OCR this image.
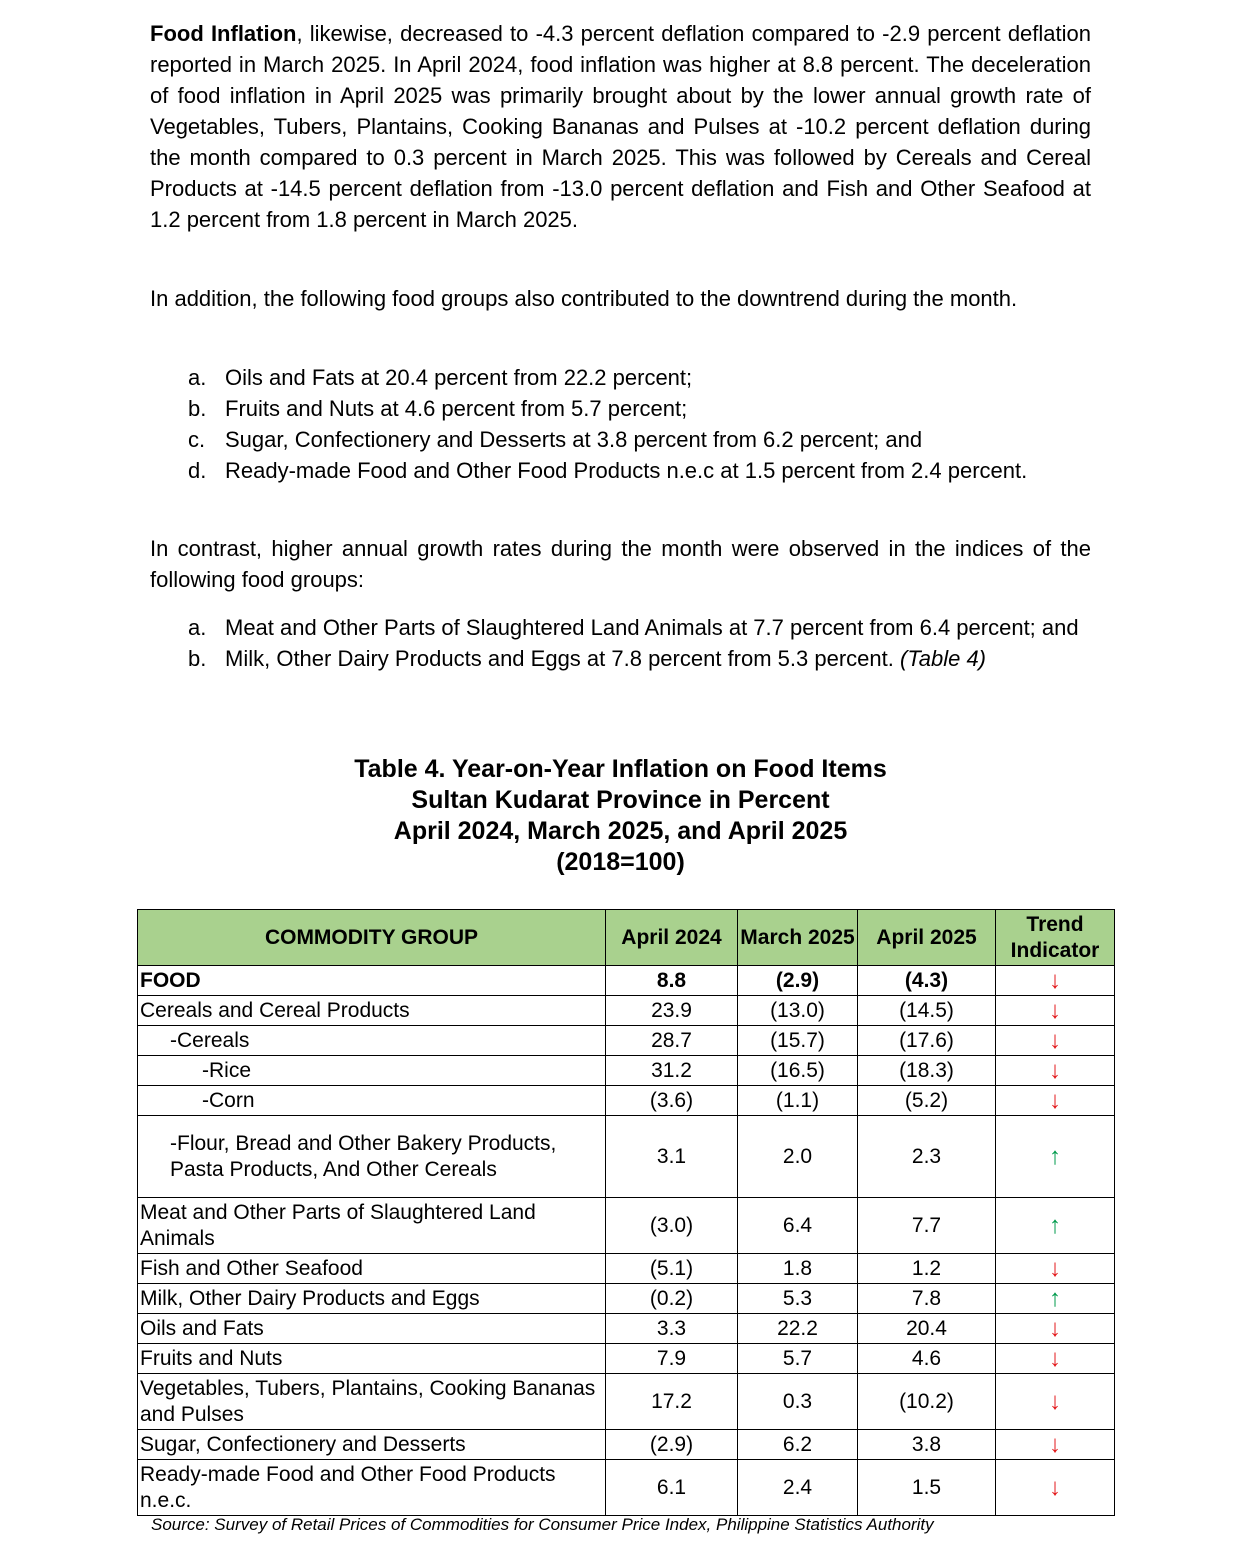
Food Inflation, likewise, decreased to -4.3 percent deflation compared to -2.9 percent deflation reported in March 2025. In April 2024, food inflation was higher at 8.8 percent. The deceleration of food inflation in April 2025 was primarily brought about by the lower annual growth rate of Vegetables, Tubers, Plantains, Cooking Bananas and Pulses at -10.2 percent deflation during the month compared to 0.3 percent in March 2025. This was followed by Cereals and Cereal Products at -14.5 percent deflation from -13.0 percent deflation and Fish and Other Seafood at 1.2 percent from 1.8 percent in March 2025.
In addition, the following food groups also contributed to the downtrend during the month.
a. Oils and Fats at 20.4 percent from 22.2 percent;
b. Fruits and Nuts at 4.6 percent from 5.7 percent;
c. Sugar, Confectionery and Desserts at 3.8 percent from 6.2 percent; and
d. Ready-made Food and Other Food Products n.e.c at 1.5 percent from 2.4 percent.
In contrast, higher annual growth rates during the month were observed in the indices of the following food groups:
a. Meat and Other Parts of Slaughtered Land Animals at 7.7 percent from 6.4 percent; and
b. Milk, Other Dairy Products and Eggs at 7.8 percent from 5.3 percent. (Table 4)
Table 4. Year-on-Year Inflation on Food Items
Sultan Kudarat Province in Percent
April 2024, March 2025, and April 2025
(2018=100)
COMMODITY GROUP	April 2024	March 2025	April 2025	Trend Indicator
FOOD	8.8	(2.9)	(4.3)	↓
Cereals and Cereal Products	23.9	(13.0)	(14.5)	↓
-Cereals	28.7	(15.7)	(17.6)	↓
-Rice	31.2	(16.5)	(18.3)	↓
-Corn	(3.6)	(1.1)	(5.2)	↓
-Flour, Bread and Other Bakery Products, Pasta Products, And Other Cereals	3.1	2.0	2.3	↑
Meat and Other Parts of Slaughtered Land Animals	(3.0)	6.4	7.7	↑
Fish and Other Seafood	(5.1)	1.8	1.2	↓
Milk, Other Dairy Products and Eggs	(0.2)	5.3	7.8	↑
Oils and Fats	3.3	22.2	20.4	↓
Fruits and Nuts	7.9	5.7	4.6	↓
Vegetables, Tubers, Plantains, Cooking Bananas and Pulses	17.2	0.3	(10.2)	↓
Sugar, Confectionery and Desserts	(2.9)	6.2	3.8	↓
Ready-made Food and Other Food Products n.e.c.	6.1	2.4	1.5	↓
Source: Survey of Retail Prices of Commodities for Consumer Price Index, Philippine Statistics Authority
